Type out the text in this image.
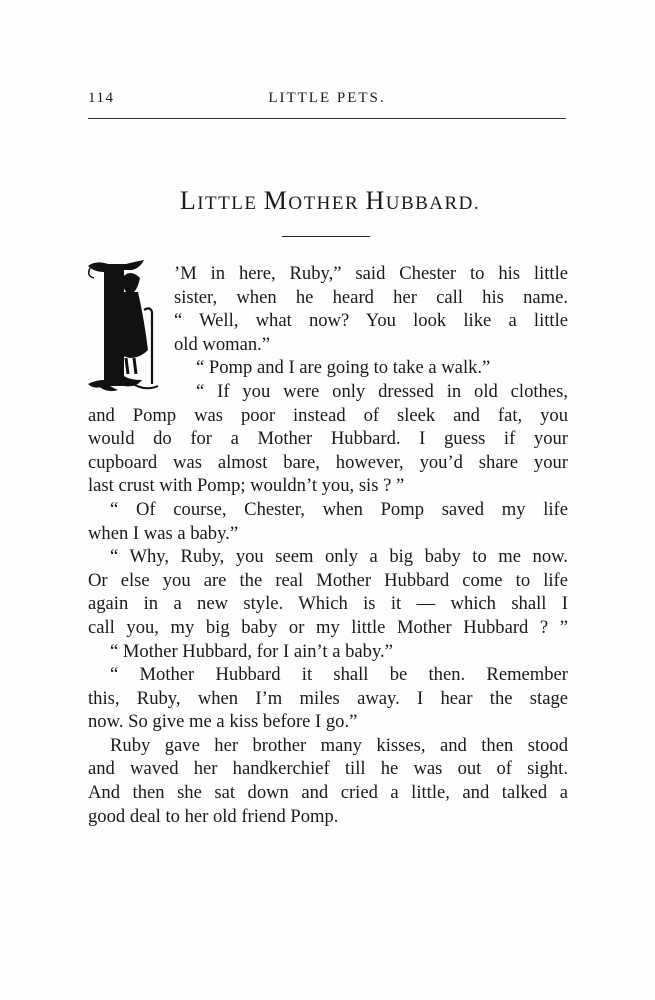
114	LITTLE PETS.
LITTLE MOTHER HUBBARD.
’M in here, Ruby,” said Chester to his little
sister, when he heard her call his name.
“ Well, what now? You look like a little
old woman.”
“ Pomp and I are going to take a walk.”
“ If you were only dressed in old clothes,
and Pomp was poor instead of sleek and fat, you
would do for a Mother Hubbard. I guess if your
cupboard was almost bare, however, you’d share your
last crust with Pomp; wouldn’t you, sis ? ”
“ Of course, Chester, when Pomp saved my life
when I was a baby.”
“ Why, Ruby, you seem only a big baby to me now.
Or else you are the real Mother Hubbard come to life
again in a new style. Which is it — which shall I
call you, my big baby or my little Mother Hubbard ? ”
“ Mother Hubbard, for I ain’t a baby.”
“ Mother Hubbard it shall be then. Remember
this, Ruby, when I’m miles away. I hear the stage
now. So give me a kiss before I go.”
Ruby gave her brother many kisses, and then stood
and waved her handkerchief till he was out of sight.
And then she sat down and cried a little, and talked a
good deal to her old friend Pomp.
